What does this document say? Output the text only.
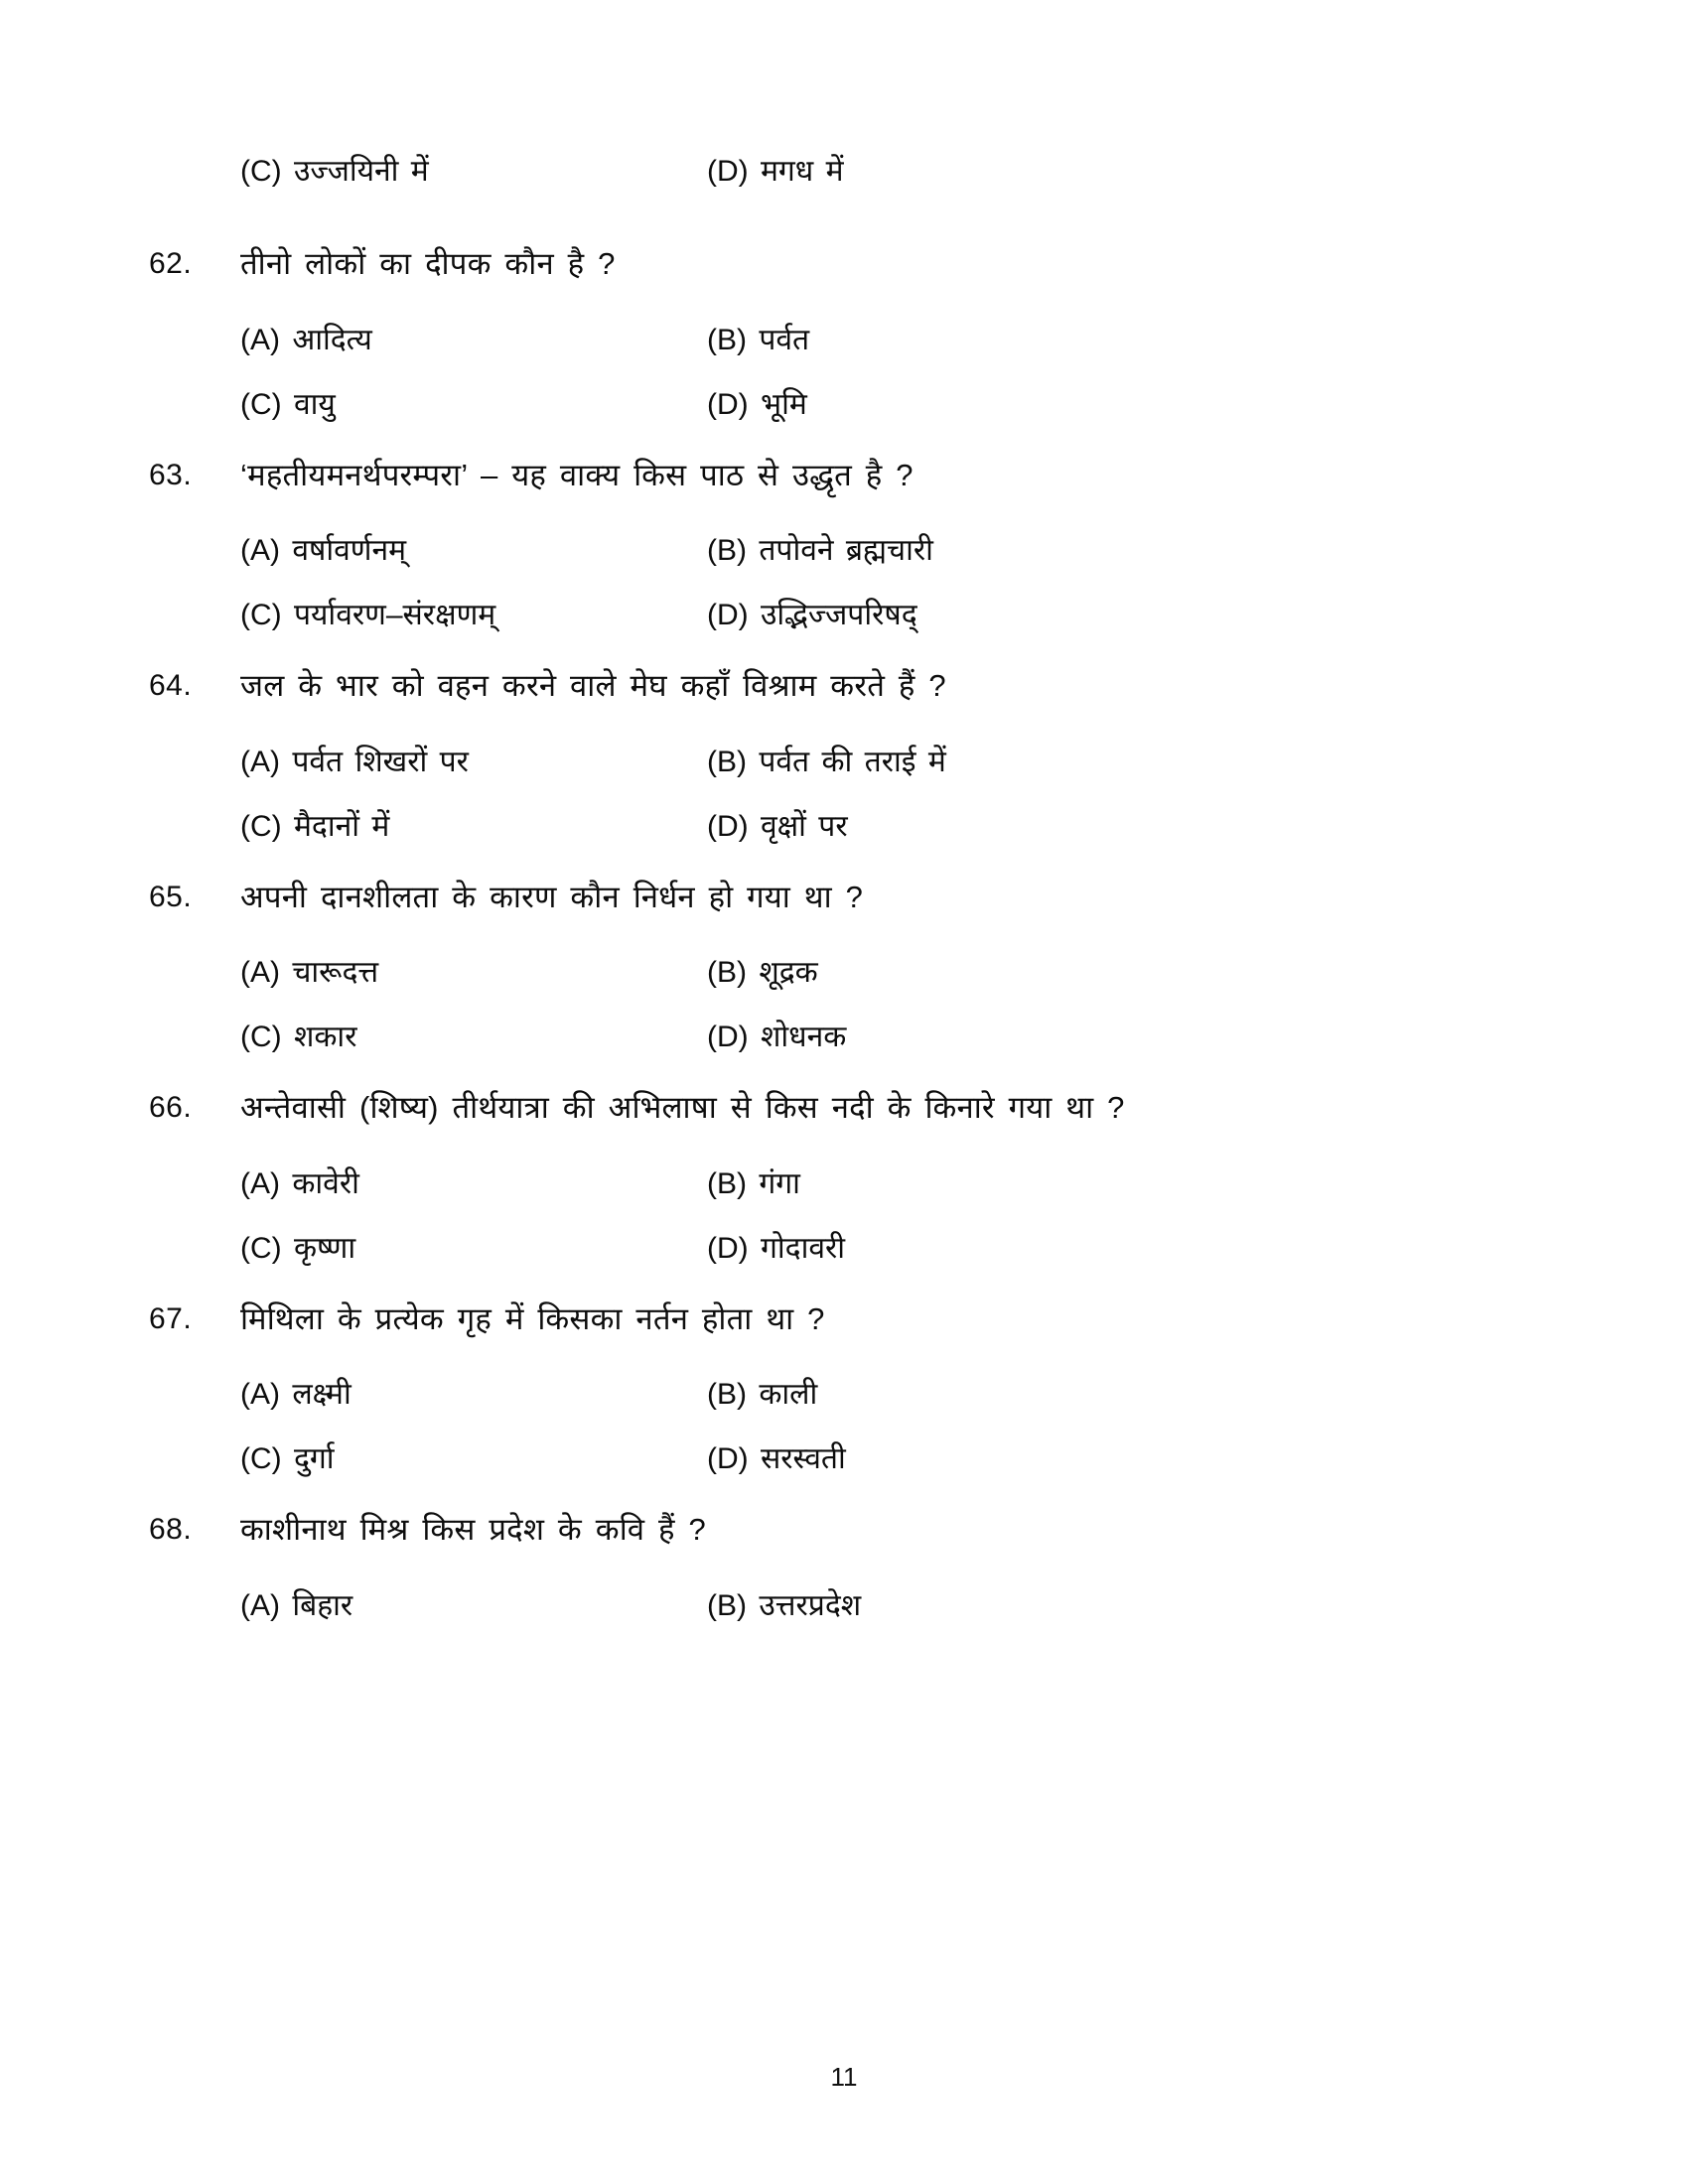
(C) उज्जयिनी में	(D) मगध में
62.	तीनो लोकों का दीपक कौन है ?
(A) आदित्य	(B) पर्वत
(C) वायु	(D) भूमि
63.	‘महतीयमनर्थपरम्परा’ – यह वाक्य किस पाठ से उद्धृत है ?
(A) वर्षावर्णनम्	(B) तपोवने ब्रह्मचारी
(C) पर्यावरण–संरक्षणम्	(D) उद्भिज्जपरिषद्
64.	जल के भार को वहन करने वाले मेघ कहाँ विश्राम करते हैं ?
(A) पर्वत शिखरों पर	(B) पर्वत की तराई में
(C) मैदानों में	(D) वृक्षों पर
65.	अपनी दानशीलता के कारण कौन निर्धन हो गया था ?
(A) चारूदत्त	(B) शूद्रक
(C) शकार	(D) शोधनक
66.	अन्तेवासी (शिष्य) तीर्थयात्रा की अभिलाषा से किस नदी के किनारे गया था ?
(A) कावेरी	(B) गंगा
(C) कृष्णा	(D) गोदावरी
67.	मिथिला के प्रत्येक गृह में किसका नर्तन होता था ?
(A) लक्ष्मी	(B) काली
(C) दुर्गा	(D) सरस्वती
68.	काशीनाथ मिश्र किस प्रदेश के कवि हैं ?
(A) बिहार	(B) उत्तरप्रदेश
11
